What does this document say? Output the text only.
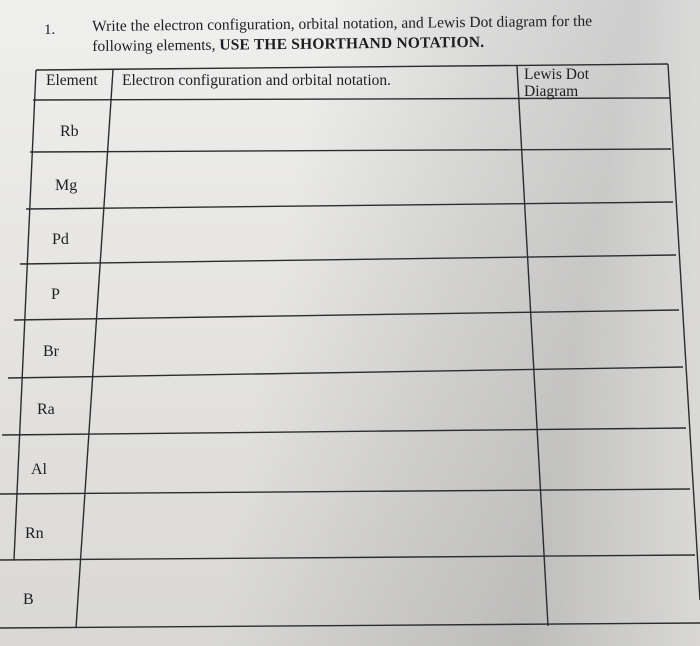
1. Write the electron configuration, orbital notation, and Lewis Dot diagram for the
following elements, USE THE SHORTHAND NOTATION.
Element Electron configuration and orbital notation.	Lewis Dot
Diagram
Rb
Mg
Pd
P
Br
Ra
Al
Rn
B
